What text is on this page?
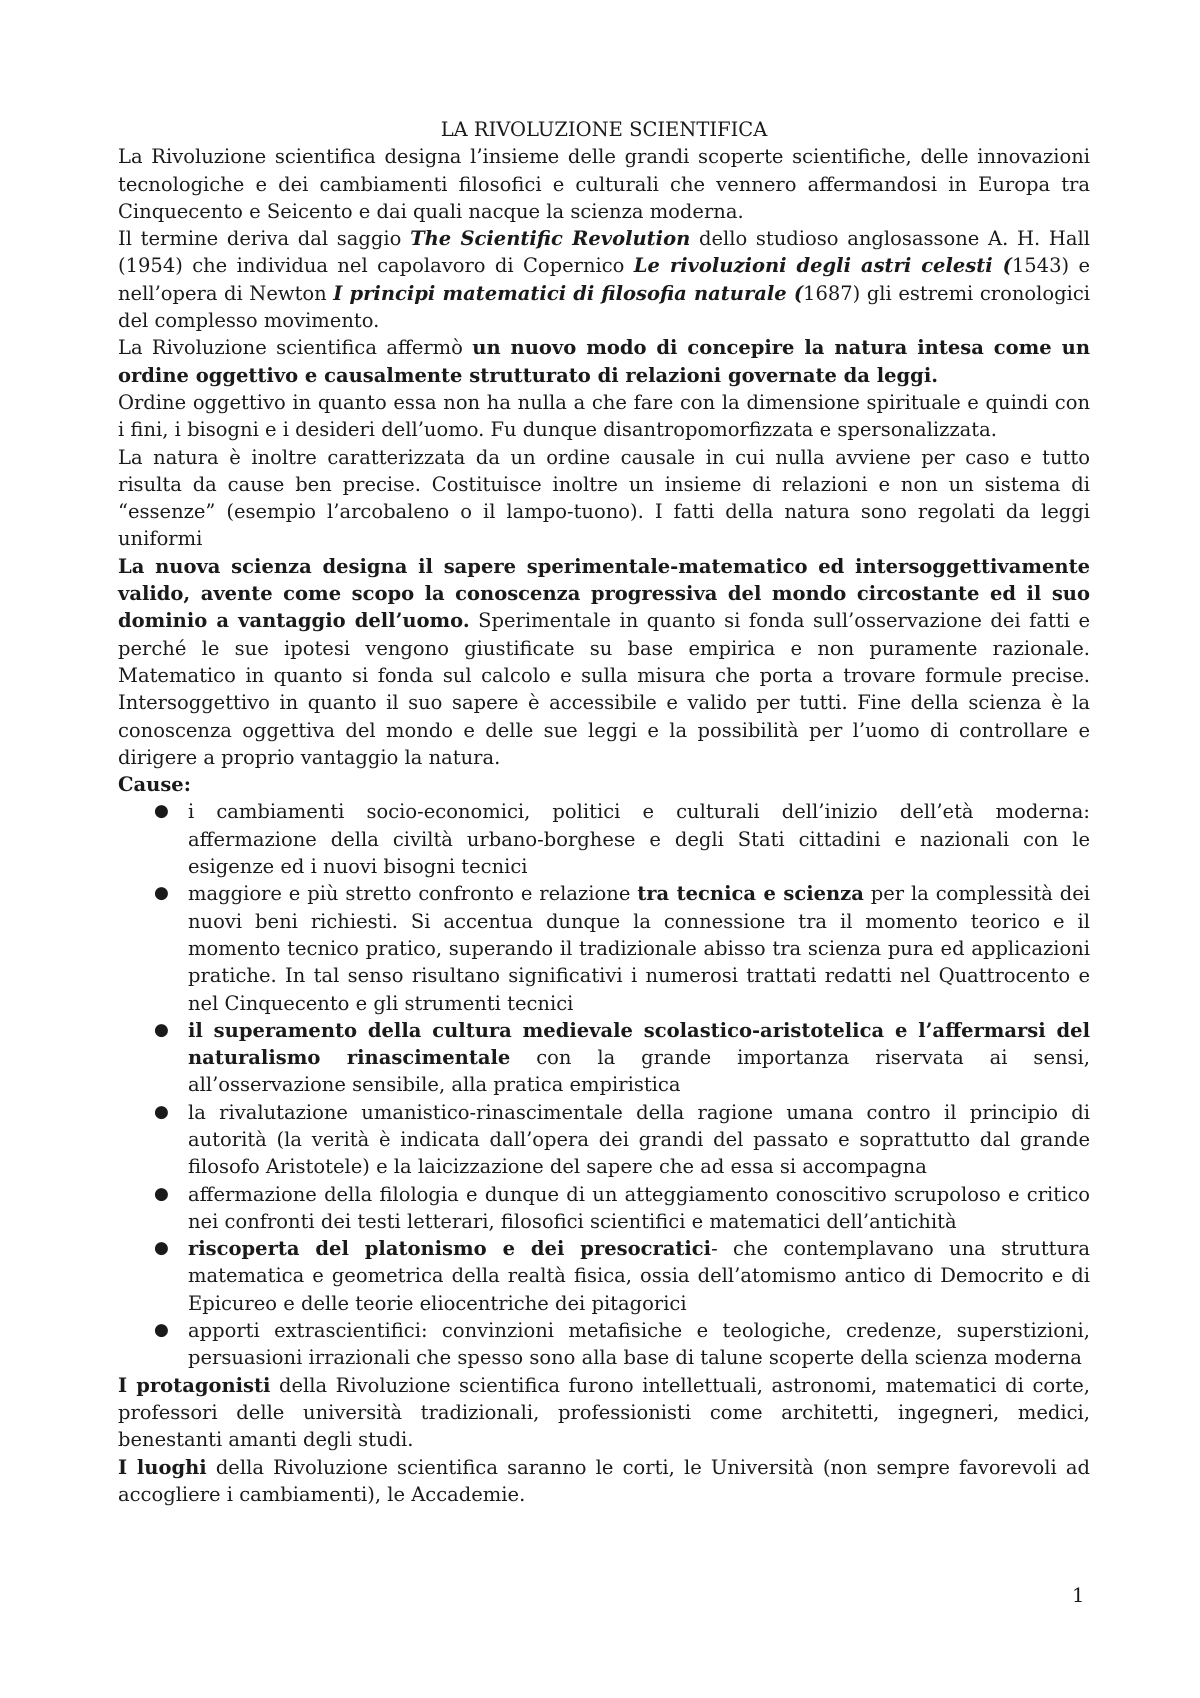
LA RIVOLUZIONE SCIENTIFICA

La Rivoluzione scientifica designa l’insieme delle grandi scoperte scientifiche, delle innovazioni tecnologiche e dei cambiamenti filosofici e culturali che vennero affermandosi in Europa tra Cinquecento e Seicento e dai quali nacque la scienza moderna.

Il termine deriva dal saggio The Scientific Revolution dello studioso anglosassone A. H. Hall (1954) che individua nel capolavoro di Copernico Le rivoluzioni degli astri celesti (1543) e nell’opera di Newton I principi matematici di filosofia naturale (1687) gli estremi cronologici del complesso movimento.

La Rivoluzione scientifica affermò un nuovo modo di concepire la natura intesa come un ordine oggettivo e causalmente strutturato di relazioni governate da leggi.

Ordine oggettivo in quanto essa non ha nulla a che fare con la dimensione spirituale e quindi con i fini, i bisogni e i desideri dell’uomo. Fu dunque disantropomorfizzata e spersonalizzata.

La natura è inoltre caratterizzata da un ordine causale in cui nulla avviene per caso e tutto risulta da cause ben precise. Costituisce inoltre un insieme di relazioni e non un sistema di “essenze” (esempio l’arcobaleno o il lampo-tuono). I fatti della natura sono regolati da leggi uniformi

La nuova scienza designa il sapere sperimentale-matematico ed intersoggettivamente valido, avente come scopo la conoscenza progressiva del mondo circostante ed il suo dominio a vantaggio dell’uomo. Sperimentale in quanto si fonda sull’osservazione dei fatti e perché le sue ipotesi vengono giustificate su base empirica e non puramente razionale. Matematico in quanto si fonda sul calcolo e sulla misura che porta a trovare formule precise. Intersoggettivo in quanto il suo sapere è accessibile e valido per tutti. Fine della scienza è la conoscenza oggettiva del mondo e delle sue leggi e la possibilità per l’uomo di controllare e dirigere a proprio vantaggio la natura.

Cause:

● i cambiamenti socio-economici, politici e culturali dell’inizio dell’età moderna: affermazione della civiltà urbano-borghese e degli Stati cittadini e nazionali con le esigenze ed i nuovi bisogni tecnici
● maggiore e più stretto confronto e relazione tra tecnica e scienza per la complessità dei nuovi beni richiesti. Si accentua dunque la connessione tra il momento teorico e il momento tecnico pratico, superando il tradizionale abisso tra scienza pura ed applicazioni pratiche. In tal senso risultano significativi i numerosi trattati redatti nel Quattrocento e nel Cinquecento e gli strumenti tecnici
● il superamento della cultura medievale scolastico-aristotelica e l’affermarsi del naturalismo rinascimentale con la grande importanza riservata ai sensi, all’osservazione sensibile, alla pratica empiristica
● la rivalutazione umanistico-rinascimentale della ragione umana contro il principio di autorità (la verità è indicata dall’opera dei grandi del passato e soprattutto dal grande filosofo Aristotele) e la laicizzazione del sapere che ad essa si accompagna
● affermazione della filologia e dunque di un atteggiamento conoscitivo scrupoloso e critico nei confronti dei testi letterari, filosofici scientifici e matematici dell’antichità
● riscoperta del platonismo e dei presocratici- che contemplavano una struttura matematica e geometrica della realtà fisica, ossia dell’atomismo antico di Democrito e di Epicureo e delle teorie eliocentriche dei pitagorici
● apporti extrascientifici: convinzioni metafisiche e teologiche, credenze, superstizioni, persuasioni irrazionali che spesso sono alla base di talune scoperte della scienza moderna

I protagonisti della Rivoluzione scientifica furono intellettuali, astronomi, matematici di corte, professori delle università tradizionali, professionisti come architetti, ingegneri, medici, benestanti amanti degli studi.

I luoghi della Rivoluzione scientifica saranno le corti, le Università (non sempre favorevoli ad accogliere i cambiamenti), le Accademie.

1
